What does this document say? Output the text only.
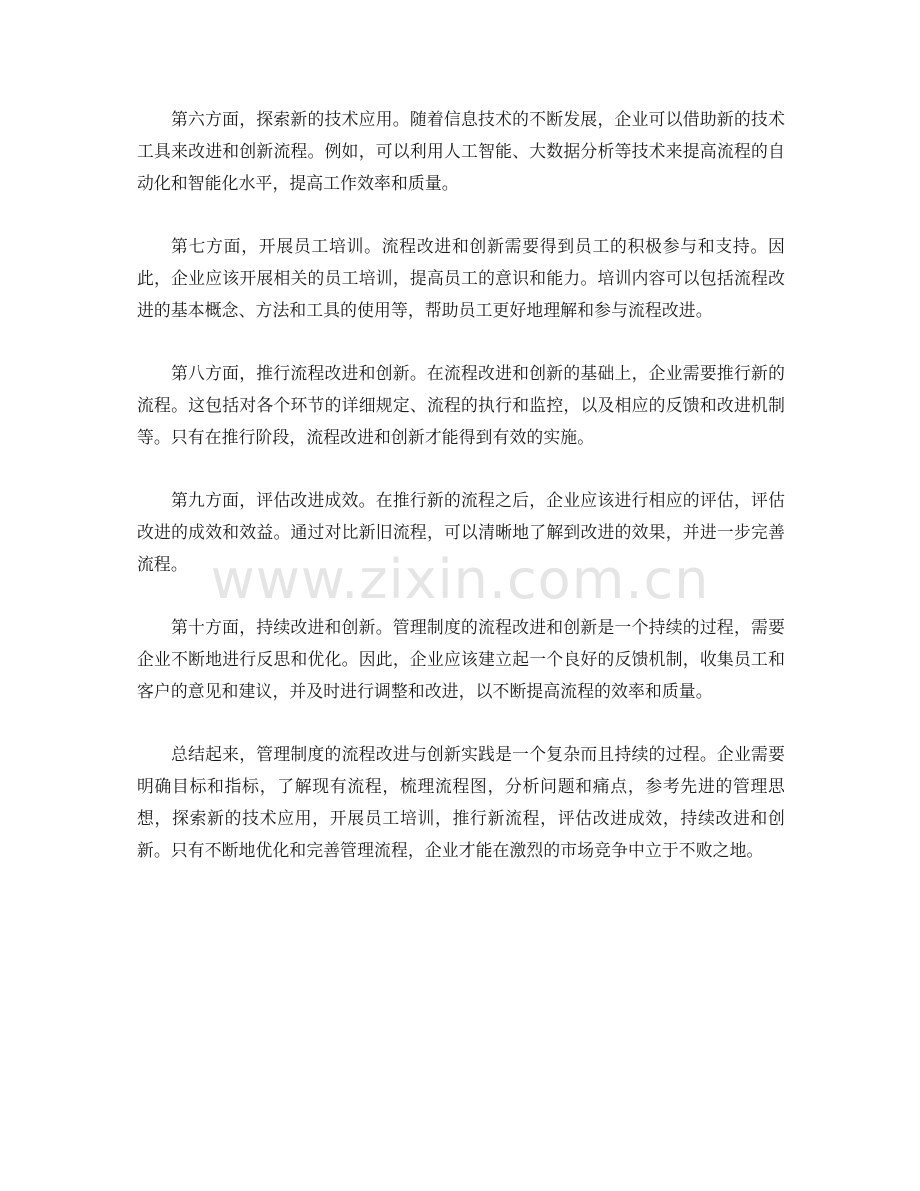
第六方面，探索新的技术应用。随着信息技术的不断发展，企业可以借助新的技术工具来改进和创新流程。例如，可以利用人工智能、大数据分析等技术来提高流程的自动化和智能化水平，提高工作效率和质量。

第七方面，开展员工培训。流程改进和创新需要得到员工的积极参与和支持。因此，企业应该开展相关的员工培训，提高员工的意识和能力。培训内容可以包括流程改进的基本概念、方法和工具的使用等，帮助员工更好地理解和参与流程改进。

第八方面，推行流程改进和创新。在流程改进和创新的基础上，企业需要推行新的流程。这包括对各个环节的详细规定、流程的执行和监控，以及相应的反馈和改进机制等。只有在推行阶段，流程改进和创新才能得到有效的实施。

第九方面，评估改进成效。在推行新的流程之后，企业应该进行相应的评估，评估改进的成效和效益。通过对比新旧流程，可以清晰地了解到改进的效果，并进一步完善流程。

第十方面，持续改进和创新。管理制度的流程改进和创新是一个持续的过程，需要企业不断地进行反思和优化。因此，企业应该建立起一个良好的反馈机制，收集员工和客户的意见和建议，并及时进行调整和改进，以不断提高流程的效率和质量。

总结起来，管理制度的流程改进与创新实践是一个复杂而且持续的过程。企业需要明确目标和指标，了解现有流程，梳理流程图，分析问题和痛点，参考先进的管理思想，探索新的技术应用，开展员工培训，推行新流程，评估改进成效，持续改进和创新。只有不断地优化和完善管理流程，企业才能在激烈的市场竞争中立于不败之地。

www.zixin.com.cn
